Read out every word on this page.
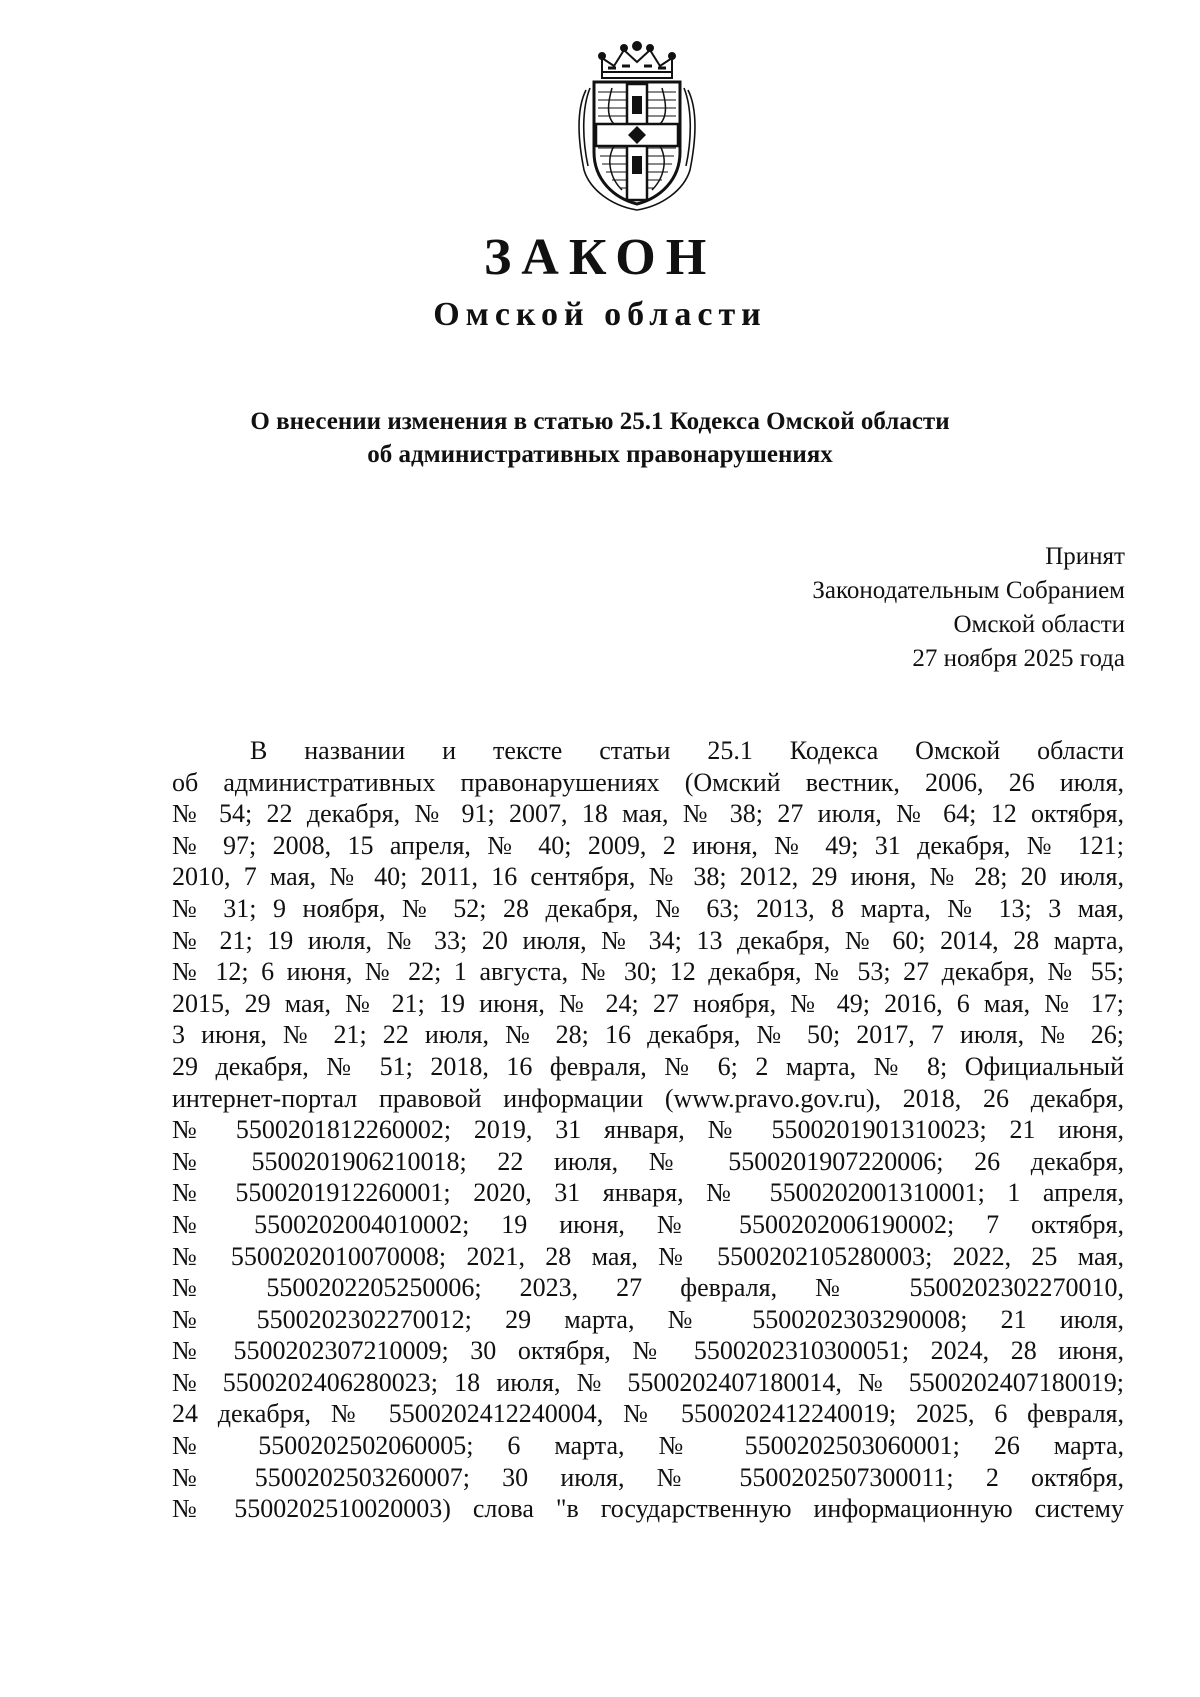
ЗАКОН
Омской области
О внесении изменения в статью 25.1 Кодекса Омской области
об административных правонарушениях
Принят
Законодательным Собранием
Омской области
27 ноября 2025 года
В названии и тексте статьи 25.1 Кодекса Омской области
об административных правонарушениях (Омский вестник, 2006, 26 июля,
№ 54; 22 декабря, № 91; 2007, 18 мая, № 38; 27 июля, № 64; 12 октября,
№ 97; 2008, 15 апреля, № 40; 2009, 2 июня, № 49; 31 декабря, № 121;
2010, 7 мая, № 40; 2011, 16 сентября, № 38; 2012, 29 июня, № 28; 20 июля,
№ 31; 9 ноября, № 52; 28 декабря, № 63; 2013, 8 марта, № 13; 3 мая,
№ 21; 19 июля, № 33; 20 июля, № 34; 13 декабря, № 60; 2014, 28 марта,
№ 12; 6 июня, № 22; 1 августа, № 30; 12 декабря, № 53; 27 декабря, № 55;
2015, 29 мая, № 21; 19 июня, № 24; 27 ноября, № 49; 2016, 6 мая, № 17;
3 июня, № 21; 22 июля, № 28; 16 декабря, № 50; 2017, 7 июля, № 26;
29 декабря, № 51; 2018, 16 февраля, № 6; 2 марта, № 8; Официальный
интернет-портал правовой информации (www.pravo.gov.ru), 2018, 26 декабря,
№ 5500201812260002; 2019, 31 января, № 5500201901310023; 21 июня,
№ 5500201906210018; 22 июля, № 5500201907220006; 26 декабря,
№ 5500201912260001; 2020, 31 января, № 5500202001310001; 1 апреля,
№ 5500202004010002; 19 июня, № 5500202006190002; 7 октября,
№ 5500202010070008; 2021, 28 мая, № 5500202105280003; 2022, 25 мая,
№ 5500202205250006; 2023, 27 февраля, № 5500202302270010,
№ 5500202302270012; 29 марта, № 5500202303290008; 21 июля,
№ 5500202307210009; 30 октября, № 5500202310300051; 2024, 28 июня,
№ 5500202406280023; 18 июля, № 5500202407180014, № 5500202407180019;
24 декабря, № 5500202412240004, № 5500202412240019; 2025, 6 февраля,
№ 5500202502060005; 6 марта, № 5500202503060001; 26 марта,
№ 5500202503260007; 30 июля, № 5500202507300011; 2 октября,
№ 5500202510020003) слова "в государственную информационную систему
